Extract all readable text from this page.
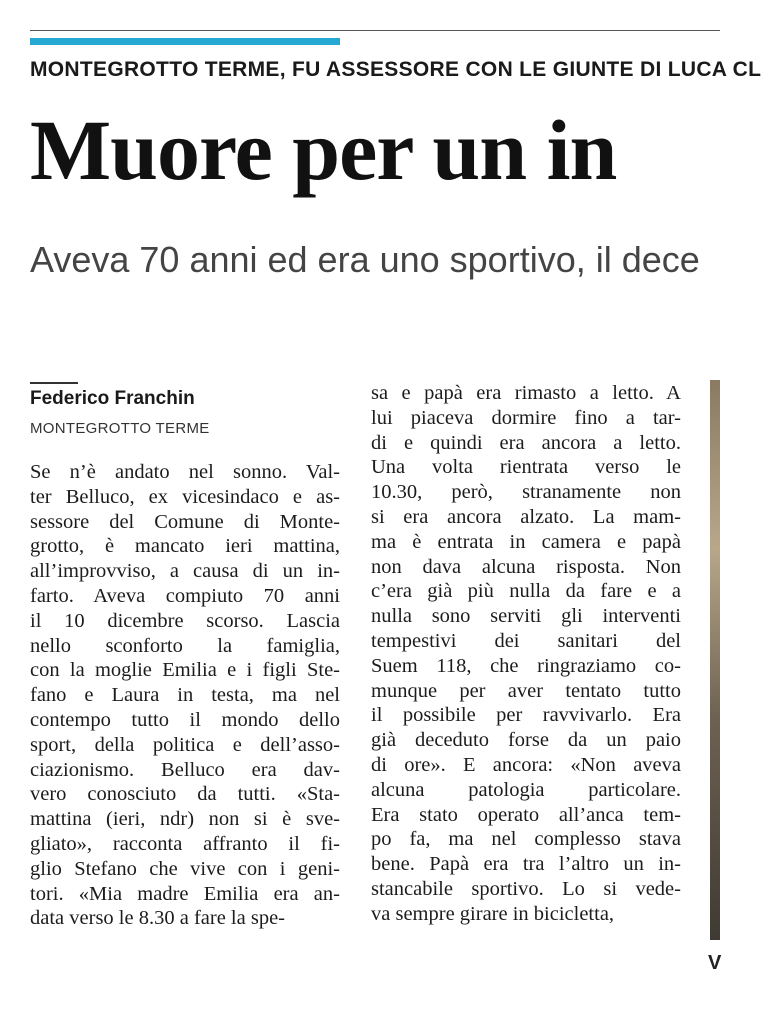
MONTEGROTTO TERME, FU ASSESSORE CON LE GIUNTE DI LUCA CL
Muore per un in
Aveva 70 anni ed era uno sportivo, il dece
Federico Franchin
MONTEGROTTO TERME
Se n’è andato nel sonno. Val-
ter Belluco, ex vicesindaco e as-
sessore del Comune di Monte-
grotto, è mancato ieri mattina,
all’improvviso, a causa di un in-
farto. Aveva compiuto 70 anni
il 10 dicembre scorso. Lascia
nello sconforto la famiglia,
con la moglie Emilia e i figli Ste-
fano e Laura in testa, ma nel
contempo tutto il mondo dello
sport, della politica e dell’asso-
ciazionismo. Belluco era dav-
vero conosciuto da tutti. «Sta-
mattina (ieri, ndr) non si è sve-
gliato», racconta affranto il fi-
glio Stefano che vive con i geni-
tori. «Mia madre Emilia era an-
data verso le 8.30 a fare la spe-
sa e papà era rimasto a letto. A
lui piaceva dormire fino a tar-
di e quindi era ancora a letto.
Una volta rientrata verso le
10.30, però, stranamente non
si era ancora alzato. La mam-
ma è entrata in camera e papà
non dava alcuna risposta. Non
c’era già più nulla da fare e a
nulla sono serviti gli interventi
tempestivi dei sanitari del
Suem 118, che ringraziamo co-
munque per aver tentato tutto
il possibile per ravvivarlo. Era
già deceduto forse da un paio
di ore». E ancora: «Non aveva
alcuna patologia particolare.
Era stato operato all’anca tem-
po fa, ma nel complesso stava
bene. Papà era tra l’altro un in-
stancabile sportivo. Lo si vede-
va sempre girare in bicicletta,
V
